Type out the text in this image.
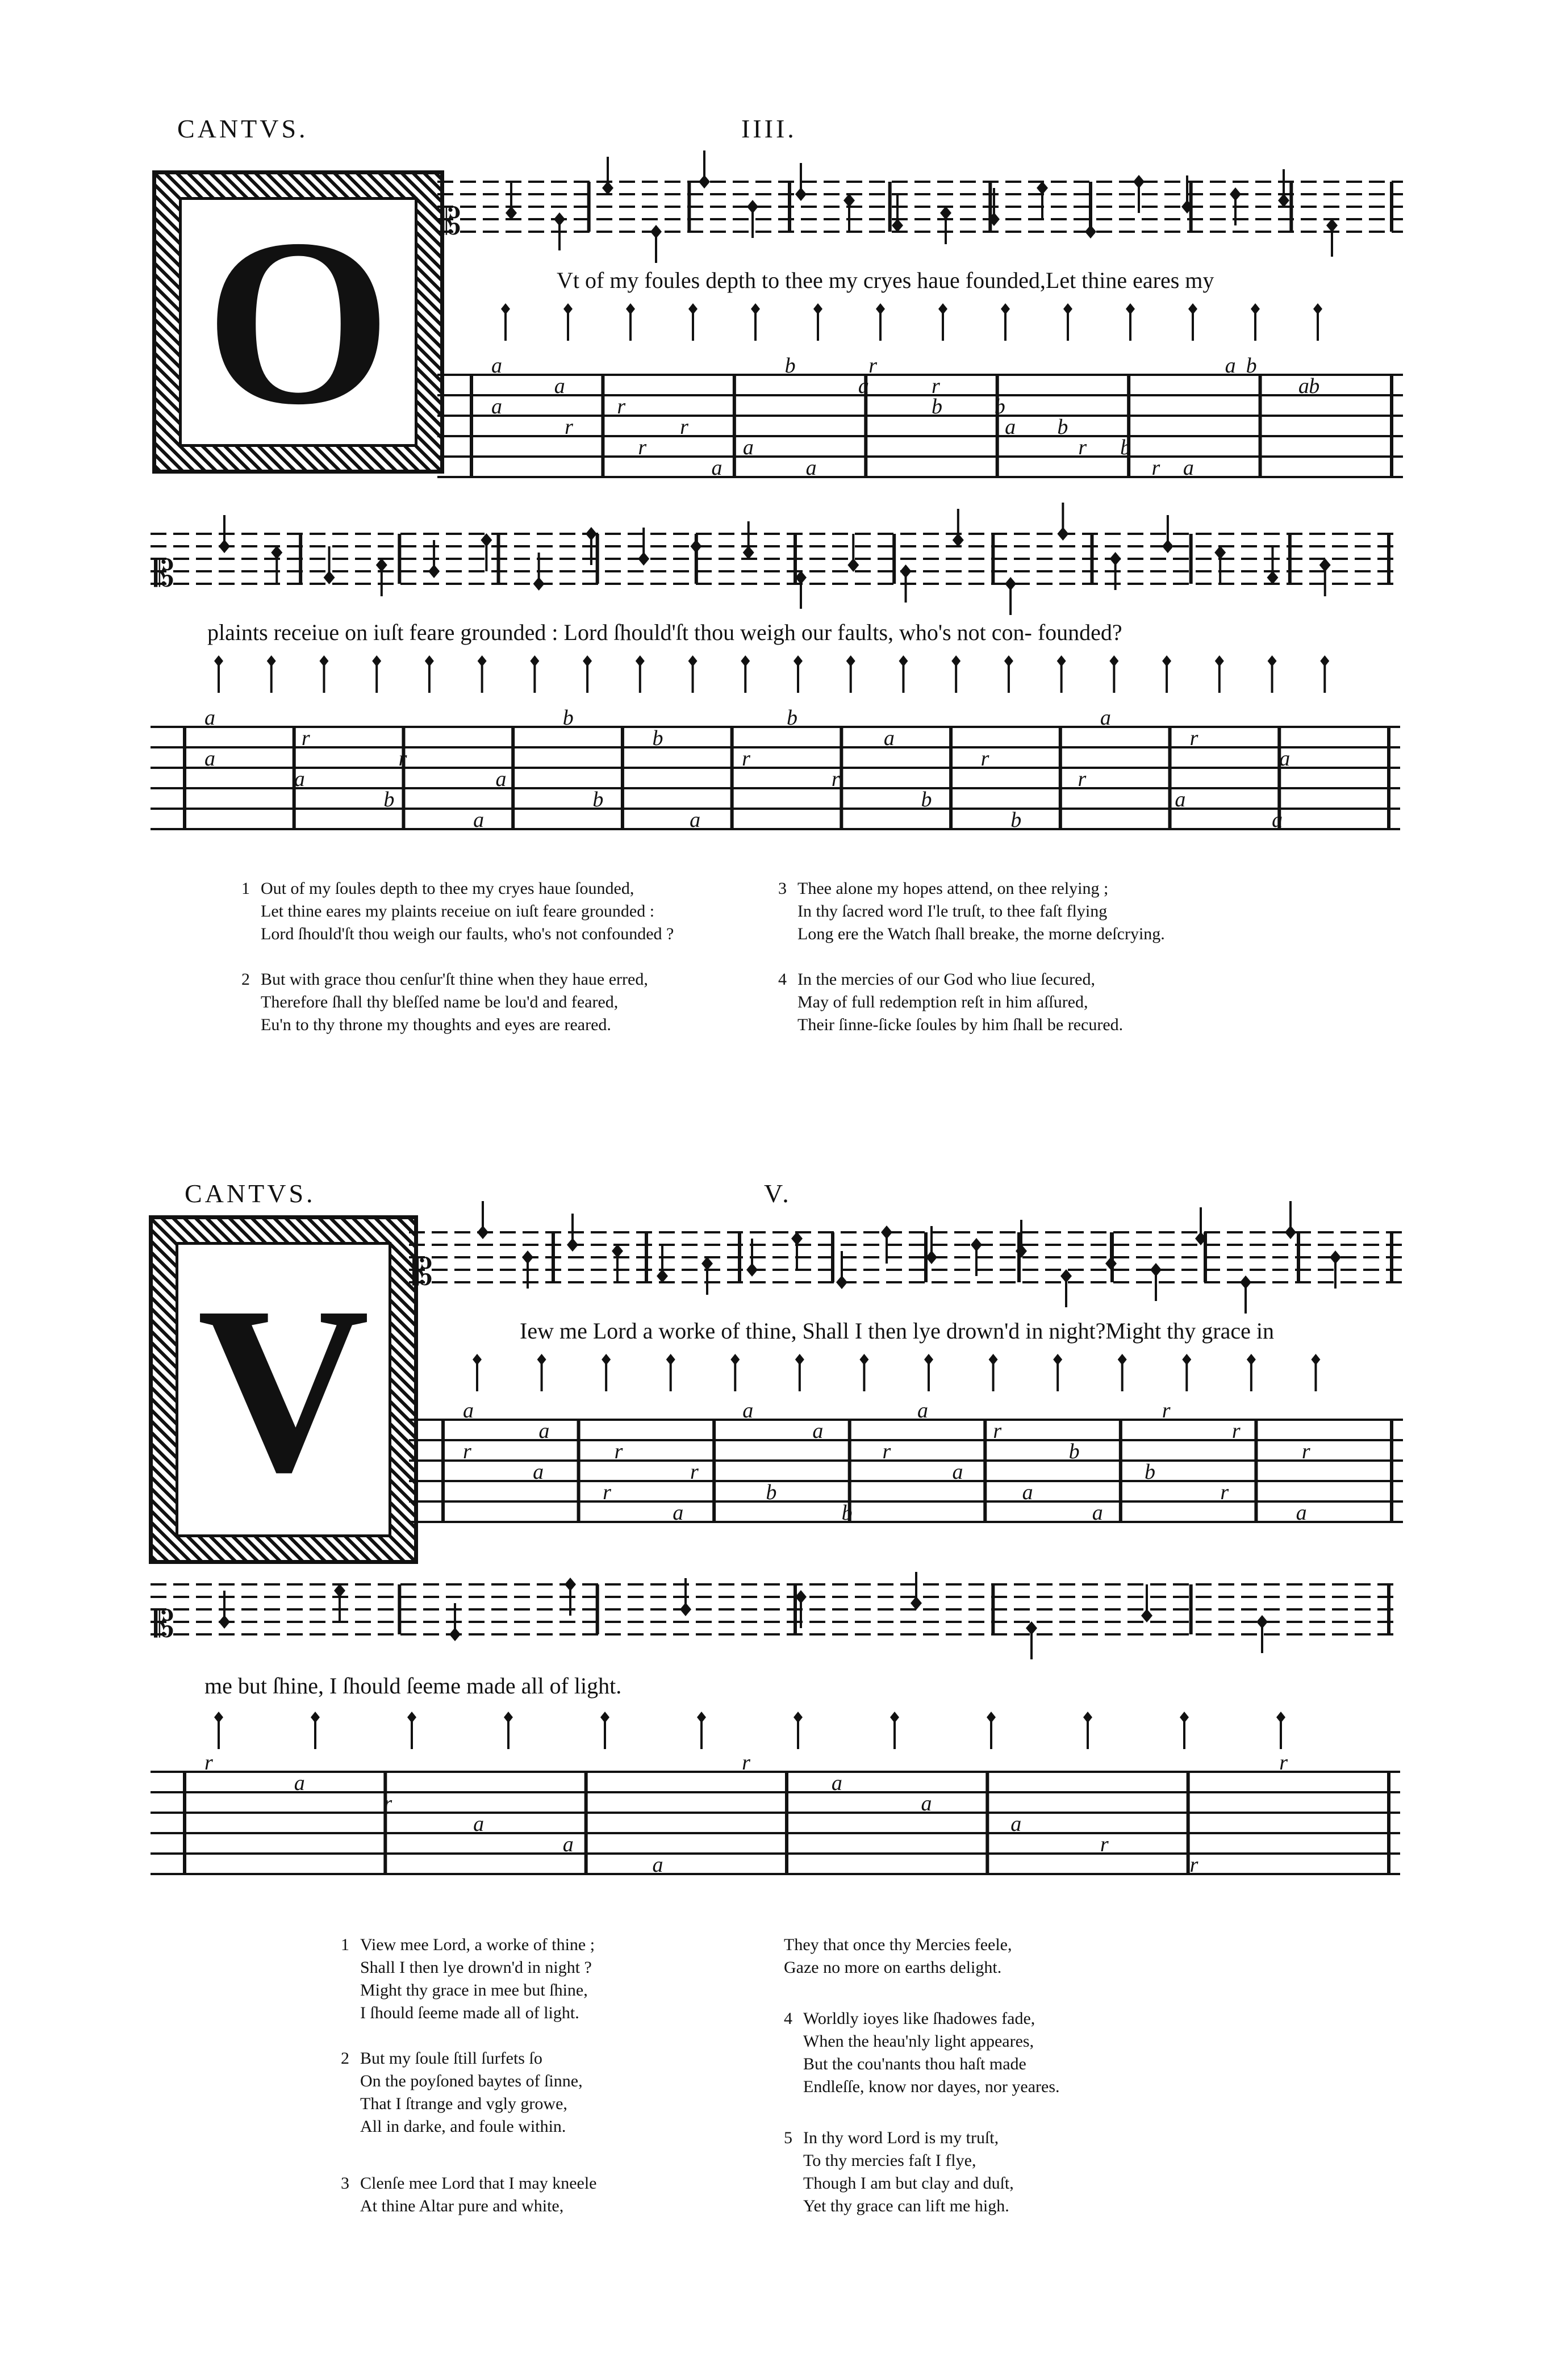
CANTVS.	IIII.
O	𝄡
Vt of my foules depth to thee my cryes haue founded,Let thine eares my
a
a
r
r
a
a
r
r
b
b
b
a
b
b
a
r
r
a
b
a
b
a
r
r
a
a
𝄡
plaints receiue on iuſt feare grounded : Lord ſhould'ſt thou weigh our faults, who's not con- founded?
a
r
r
a
b
a
b
a
r
r
a
a
a
a
b
a
b
b
r
r
b
b
a
r
a
1 Out of my ſoules depth to thee my cryes haue ſounded,
Let thine eares my plaints receiue on iuſt feare grounded :
Lord ſhould'ſt thou weigh our faults, who's not confounded ?
2 But with grace thou cenſur'ſt thine when they haue erred,
Therefore ſhall thy bleſſed name be lou'd and feared,
Eu'n to thy throne my thoughts and eyes are reared.
3 Thee alone my hopes attend, on thee relying ;
In thy ſacred word I'le truſt, to thee faſt flying
Long ere the Watch ſhall breake, the morne deſcrying.
4 In the mercies of our God who liue ſecured,
May of full redemption reſt in him aſſured,
Their ſinne-ſicke ſoules by him ſhall be recured.
CANTVS.	V.
V	𝄡
Iew me Lord a worke of thine, Shall I then lye drown'd in night?Might thy grace in
a
a
r
r
b
b
a
r
b
b
r
a
r
a
r
a
a
a
r
a
a
a
r
r
r
𝄡
me but ſhine, I ſhould ſeeme made all of light.
r
a
r
a
a
a
r
a
a
a
r
r
r
1 View mee Lord, a worke of thine ;
Shall I then lye drown'd in night ?
Might thy grace in mee but ſhine,
I ſhould ſeeme made all of light.
2 But my ſoule ſtill ſurfets ſo
On the poyſoned baytes of ſinne,
That I ſtrange and vgly growe,
All in darke, and foule within.
3 Clenſe mee Lord that I may kneele
At thine Altar pure and white,
They that once thy Mercies feele,
Gaze no more on earths delight.
4 Worldly ioyes like ſhadowes fade,
When the heau'nly light appeares,
But the cou'nants thou haſt made
Endleſſe, know nor dayes, nor yeares.
5 In thy word Lord is my truſt,
To thy mercies faſt I flye,
Though I am but clay and duſt,
Yet thy grace can lift me high.
